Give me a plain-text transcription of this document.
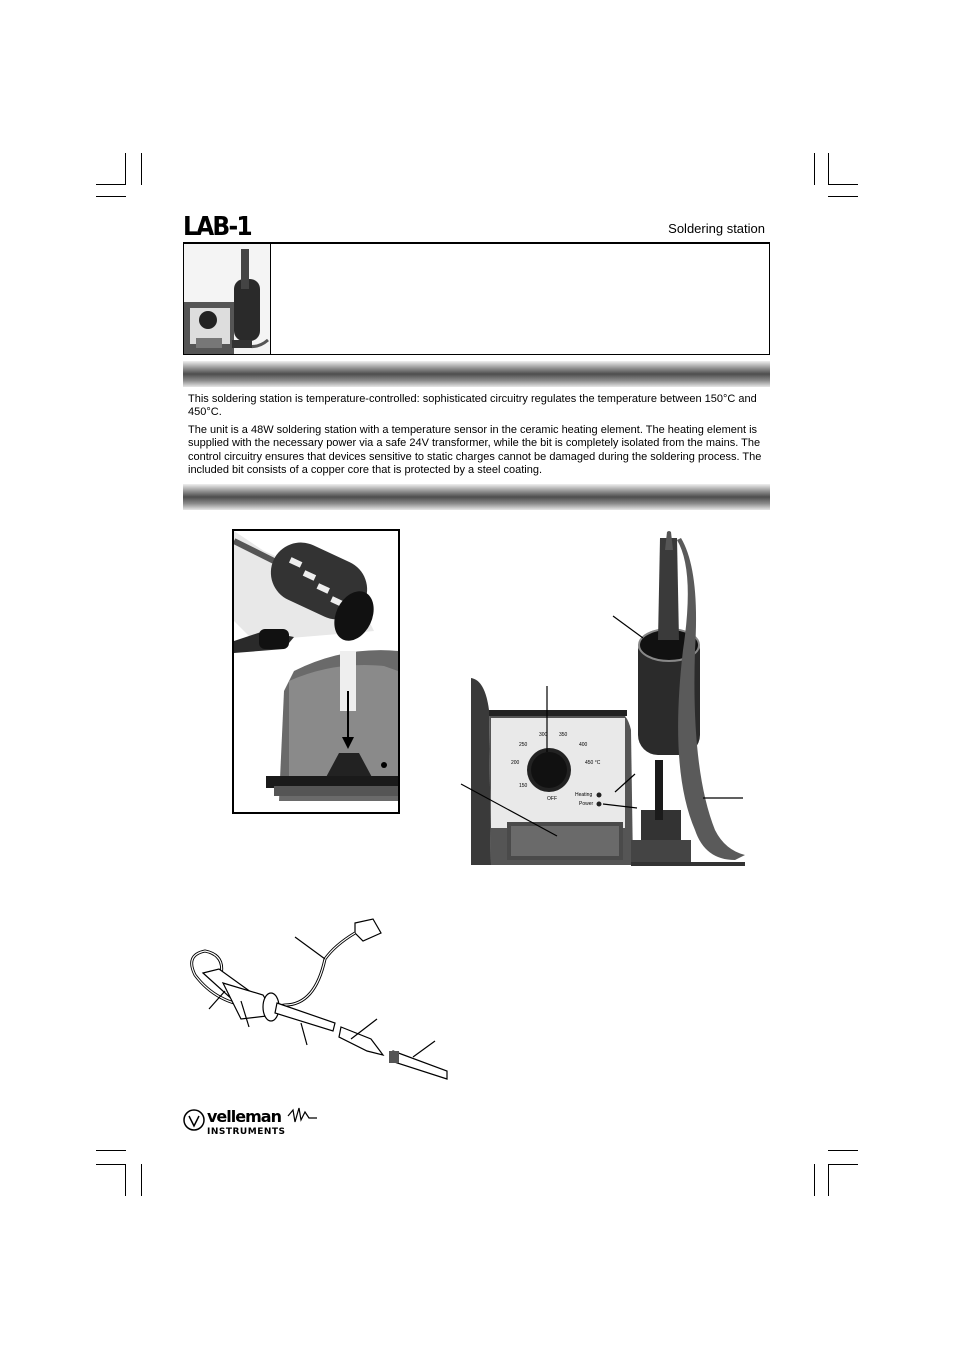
LAB-1	Soldering station

This soldering station is temperature-controlled: sophisticated circuitry regulates the temperature between 150°C and 450°C.

The unit is a 48W soldering station with a temperature sensor in the ceramic heating element. The heating element is supplied with the necessary power via a safe 24V transformer, while the bit is completely isolated from the mains. The control circuitry ensures that devices sensitive to static charges cannot be damaged during the soldering process. The included bit consists of a copper core that is protected by a steel coating.

150
200
250
300 350
400
450 °C
OFF
Heating
Power
velleman
INSTRUMENTS
